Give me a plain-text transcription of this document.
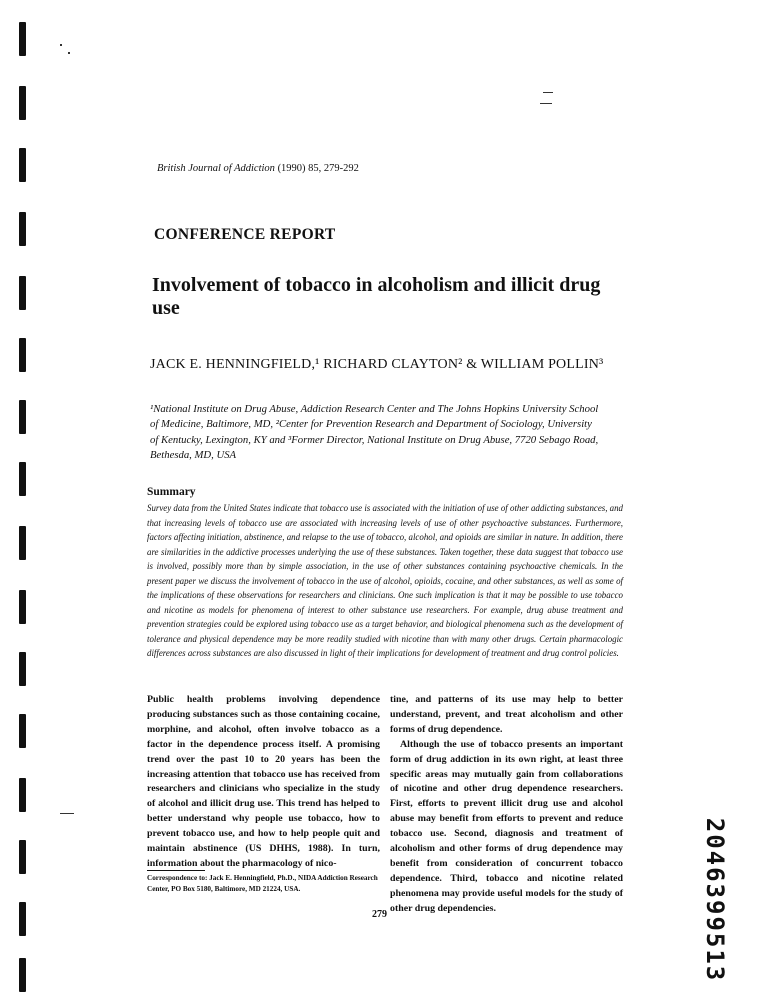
British Journal of Addiction (1990) 85, 279-292
CONFERENCE REPORT
Involvement of tobacco in alcoholism and illicit drug use
JACK E. HENNINGFIELD,¹ RICHARD CLAYTON² & WILLIAM POLLIN³
¹National Institute on Drug Abuse, Addiction Research Center and The Johns Hopkins University School of Medicine, Baltimore, MD, ²Center for Prevention Research and Department of Sociology, University of Kentucky, Lexington, KY and ³Former Director, National Institute on Drug Abuse, 7720 Sebago Road, Bethesda, MD, USA
Summary
Survey data from the United States indicate that tobacco use is associated with the initiation of use of other addicting substances, and that increasing levels of tobacco use are associated with increasing levels of use of other psychoactive substances. Furthermore, factors affecting initiation, abstinence, and relapse to the use of tobacco, alcohol, and opioids are similar in nature. In addition, there are similarities in the addictive processes underlying the use of these substances. Taken together, these data suggest that tobacco use is involved, possibly more than by simple association, in the use of other substances containing psychoactive chemicals. In the present paper we discuss the involvement of tobacco in the use of alcohol, opioids, cocaine, and other substances, as well as some of the implications of these observations for researchers and clinicians. One such implication is that it may be possible to use tobacco and nicotine as models for phenomena of interest to other substance use researchers. For example, drug abuse treatment and prevention strategies could be explored using tobacco use as a target behavior, and biological phenomena such as the development of tolerance and physical dependence may be more readily studied with nicotine than with many other drugs. Certain pharmacologic differences across substances are also discussed in light of their implications for development of treatment and drug control policies.

Public health problems involving dependence producing substances such as those containing cocaine, morphine, and alcohol, often involve tobacco as a factor in the dependence process itself. A promising trend over the past 10 to 20 years has been the increasing attention that tobacco use has received from researchers and clinicians who specialize in the study of alcohol and illicit drug use. This trend has helped to better understand why people use tobacco, how to prevent tobacco use, and how to help people quit and maintain abstinence (US DHHS, 1988). In turn, information about the pharmacology of nico-

tine, and patterns of its use may help to better understand, prevent, and treat alcoholism and other forms of drug dependence.

Although the use of tobacco presents an important form of drug addiction in its own right, at least three specific areas may mutually gain from collaborations of nicotine and other drug dependence researchers. First, efforts to prevent illicit drug use and alcohol abuse may benefit from efforts to prevent and reduce tobacco use. Second, diagnosis and treatment of alcoholism and other forms of drug dependence may benefit from consideration of concurrent tobacco dependence. Third, tobacco and nicotine related phenomena may provide useful models for the study of other drug dependencies.

Correspondence to: Jack E. Henningfield, Ph.D., NIDA Addiction Research Center, PO Box 5180, Baltimore, MD 21224, USA.
279	2046399513
